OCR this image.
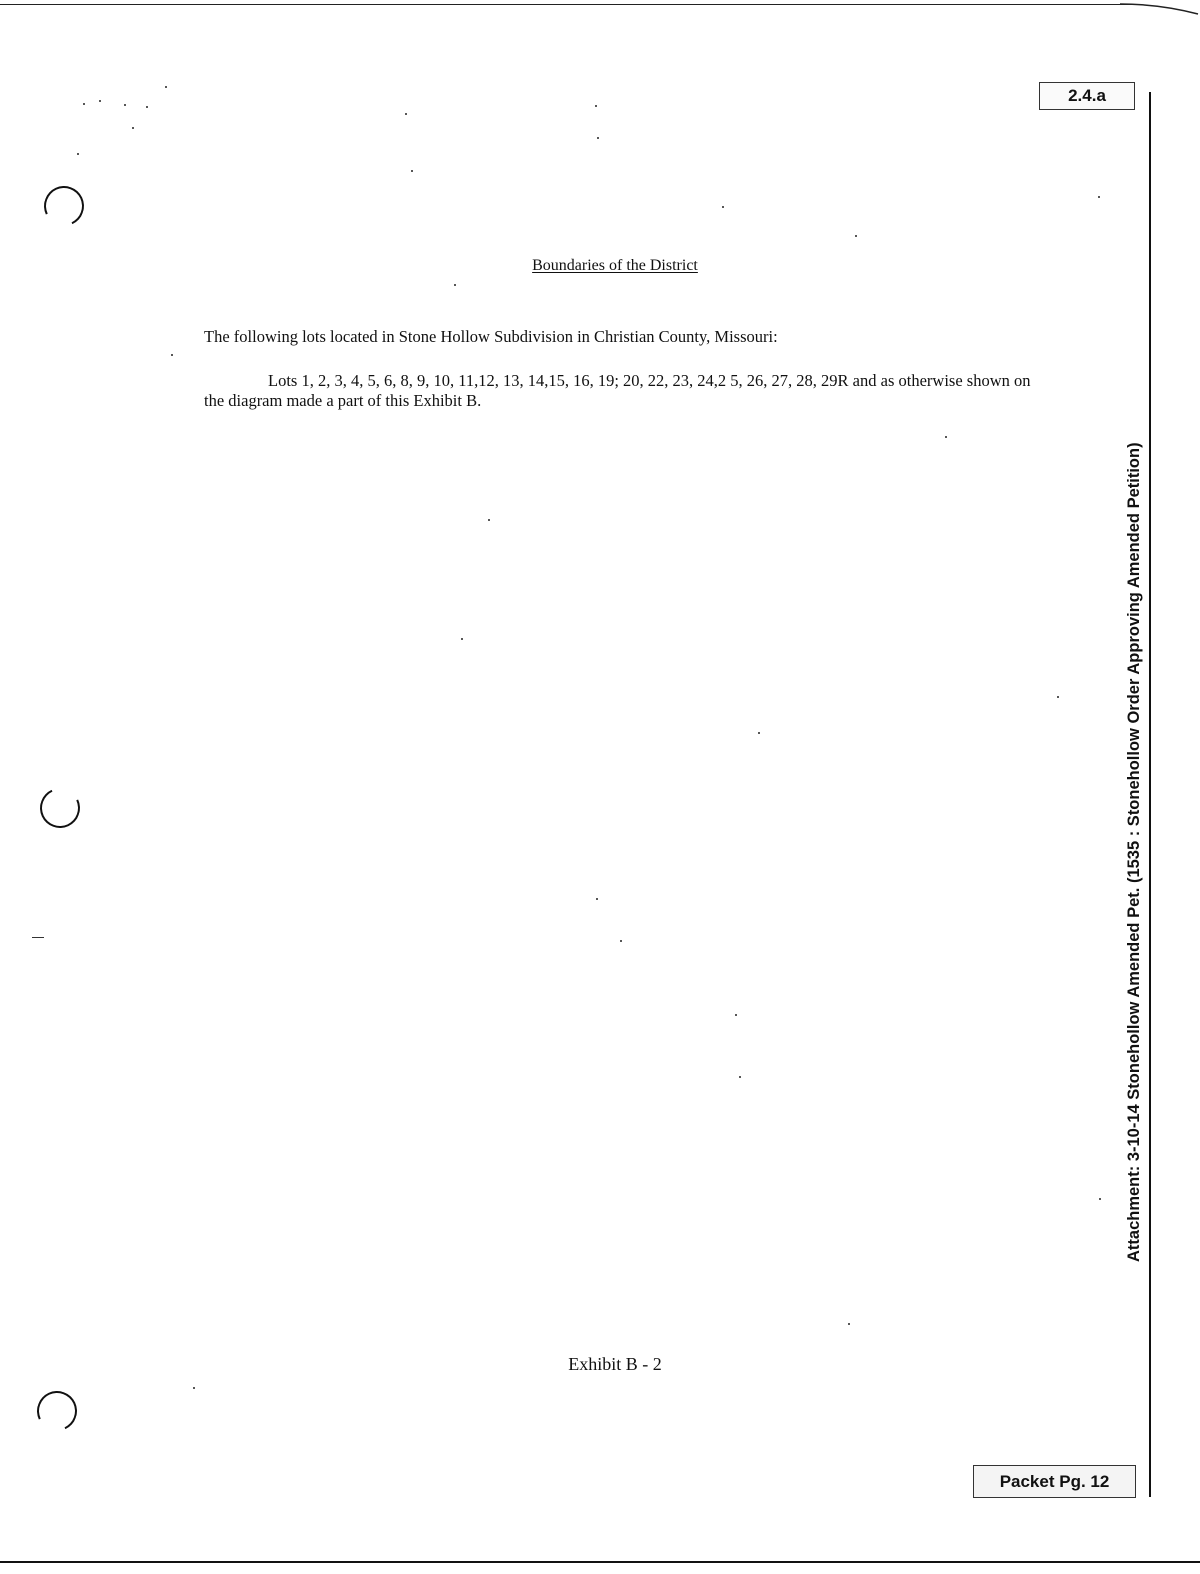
2.4.a
Attachment: 3-10-14 Stonehollow Amended Pet. (1535 : Stonehollow Order Approving Amended Petition)
Boundaries of the District
The following lots located in Stone Hollow Subdivision in Christian County, Missouri:
Lots 1, 2, 3, 4, 5, 6, 8, 9, 10, 11,12, 13, 14,15, 16, 19; 20, 22, 23, 24,2 5, 26, 27, 28, 29R and as otherwise shown on the diagram made a part of this Exhibit B.
Exhibit B - 2
Packet Pg. 12
